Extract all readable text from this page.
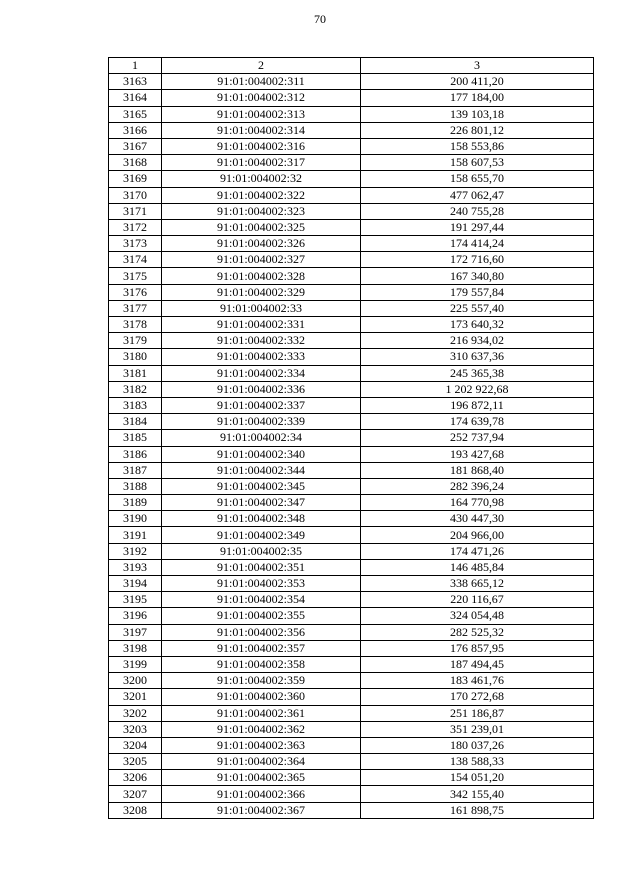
70
1	2	3
3163	91:01:004002:311	200 411,20
3164	91:01:004002:312	177 184,00
3165	91:01:004002:313	139 103,18
3166	91:01:004002:314	226 801,12
3167	91:01:004002:316	158 553,86
3168	91:01:004002:317	158 607,53
3169	91:01:004002:32	158 655,70
3170	91:01:004002:322	477 062,47
3171	91:01:004002:323	240 755,28
3172	91:01:004002:325	191 297,44
3173	91:01:004002:326	174 414,24
3174	91:01:004002:327	172 716,60
3175	91:01:004002:328	167 340,80
3176	91:01:004002:329	179 557,84
3177	91:01:004002:33	225 557,40
3178	91:01:004002:331	173 640,32
3179	91:01:004002:332	216 934,02
3180	91:01:004002:333	310 637,36
3181	91:01:004002:334	245 365,38
3182	91:01:004002:336	1 202 922,68
3183	91:01:004002:337	196 872,11
3184	91:01:004002:339	174 639,78
3185	91:01:004002:34	252 737,94
3186	91:01:004002:340	193 427,68
3187	91:01:004002:344	181 868,40
3188	91:01:004002:345	282 396,24
3189	91:01:004002:347	164 770,98
3190	91:01:004002:348	430 447,30
3191	91:01:004002:349	204 966,00
3192	91:01:004002:35	174 471,26
3193	91:01:004002:351	146 485,84
3194	91:01:004002:353	338 665,12
3195	91:01:004002:354	220 116,67
3196	91:01:004002:355	324 054,48
3197	91:01:004002:356	282 525,32
3198	91:01:004002:357	176 857,95
3199	91:01:004002:358	187 494,45
3200	91:01:004002:359	183 461,76
3201	91:01:004002:360	170 272,68
3202	91:01:004002:361	251 186,87
3203	91:01:004002:362	351 239,01
3204	91:01:004002:363	180 037,26
3205	91:01:004002:364	138 588,33
3206	91:01:004002:365	154 051,20
3207	91:01:004002:366	342 155,40
3208	91:01:004002:367	161 898,75
